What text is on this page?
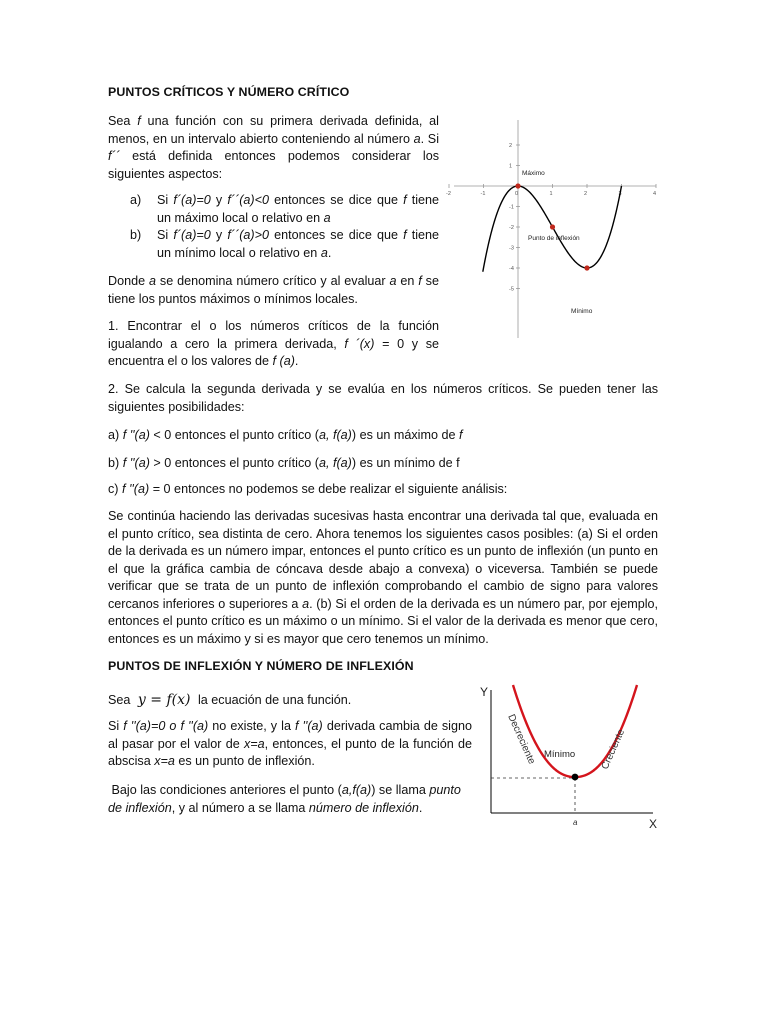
PUNTOS CRÍTICOS Y NÚMERO CRÍTICO
Sea f una función con su primera derivada definida, al menos, en un intervalo abierto conteniendo al número a. Si f´´ está definida entonces podemos considerar los siguientes aspectos:
a) Si f´(a)=0 y f´´(a)<0 entonces se dice que f tiene un máximo local o relativo en a
b) Si f´(a)=0 y f´´(a)>0 entonces se dice que f tiene un mínimo local o relativo en a.
Donde a se denomina número crítico y al evaluar a en f se tiene los puntos máximos o mínimos locales.
1. Encontrar el o los números críticos de la función igualando a cero la primera derivada, f ´(x) = 0 y se encuentra el o los valores de f (a).
-2	-1	0	1	2	3	4
2
1
-1
-2
-3
-4
-5
Máximo
Punto de inflexión
Mínimo
2. Se calcula la segunda derivada y se evalúa en los números críticos. Se pueden tener las siguientes posibilidades:
a) f ''(a) < 0 entonces el punto crítico (a, f(a)) es un máximo de f
b) f ''(a) > 0 entonces el punto crítico (a, f(a)) es un mínimo de f
c) f ''(a) = 0 entonces no podemos se debe realizar el siguiente análisis:
Se continúa haciendo las derivadas sucesivas hasta encontrar una derivada tal que, evaluada en el punto crítico, sea distinta de cero. Ahora tenemos los siguientes casos posibles: (a) Si el orden de la derivada es un número impar, entonces el punto crítico es un punto de inflexión (un punto en el que la gráfica cambia de cóncava desde abajo a convexa) o viceversa. También se puede verificar que se trata de un punto de inflexión comprobando el cambio de signo para valores cercanos inferiores o superiores a a. (b) Si el orden de la derivada es un número par, por ejemplo, entonces el punto crítico es un máximo o un mínimo. Si el valor de la derivada es menor que cero, entonces es un máximo y si es mayor que cero tenemos un mínimo.
PUNTOS DE INFLEXIÓN Y NÚMERO DE INFLEXIÓN
Sea y = f(x) la ecuación de una función.
Si f ''(a)=0 o f ''(a) no existe, y la f ''(a) derivada cambia de signo al pasar por el valor de x=a, entonces, el punto de la función de abscisa x=a es un punto de inflexión.
Bajo las condiciones anteriores el punto (a,f(a)) se llama punto de inflexión, y al número a se llama número de inflexión.
Y
X
a
Mínimo
Decreciente	Creciente
